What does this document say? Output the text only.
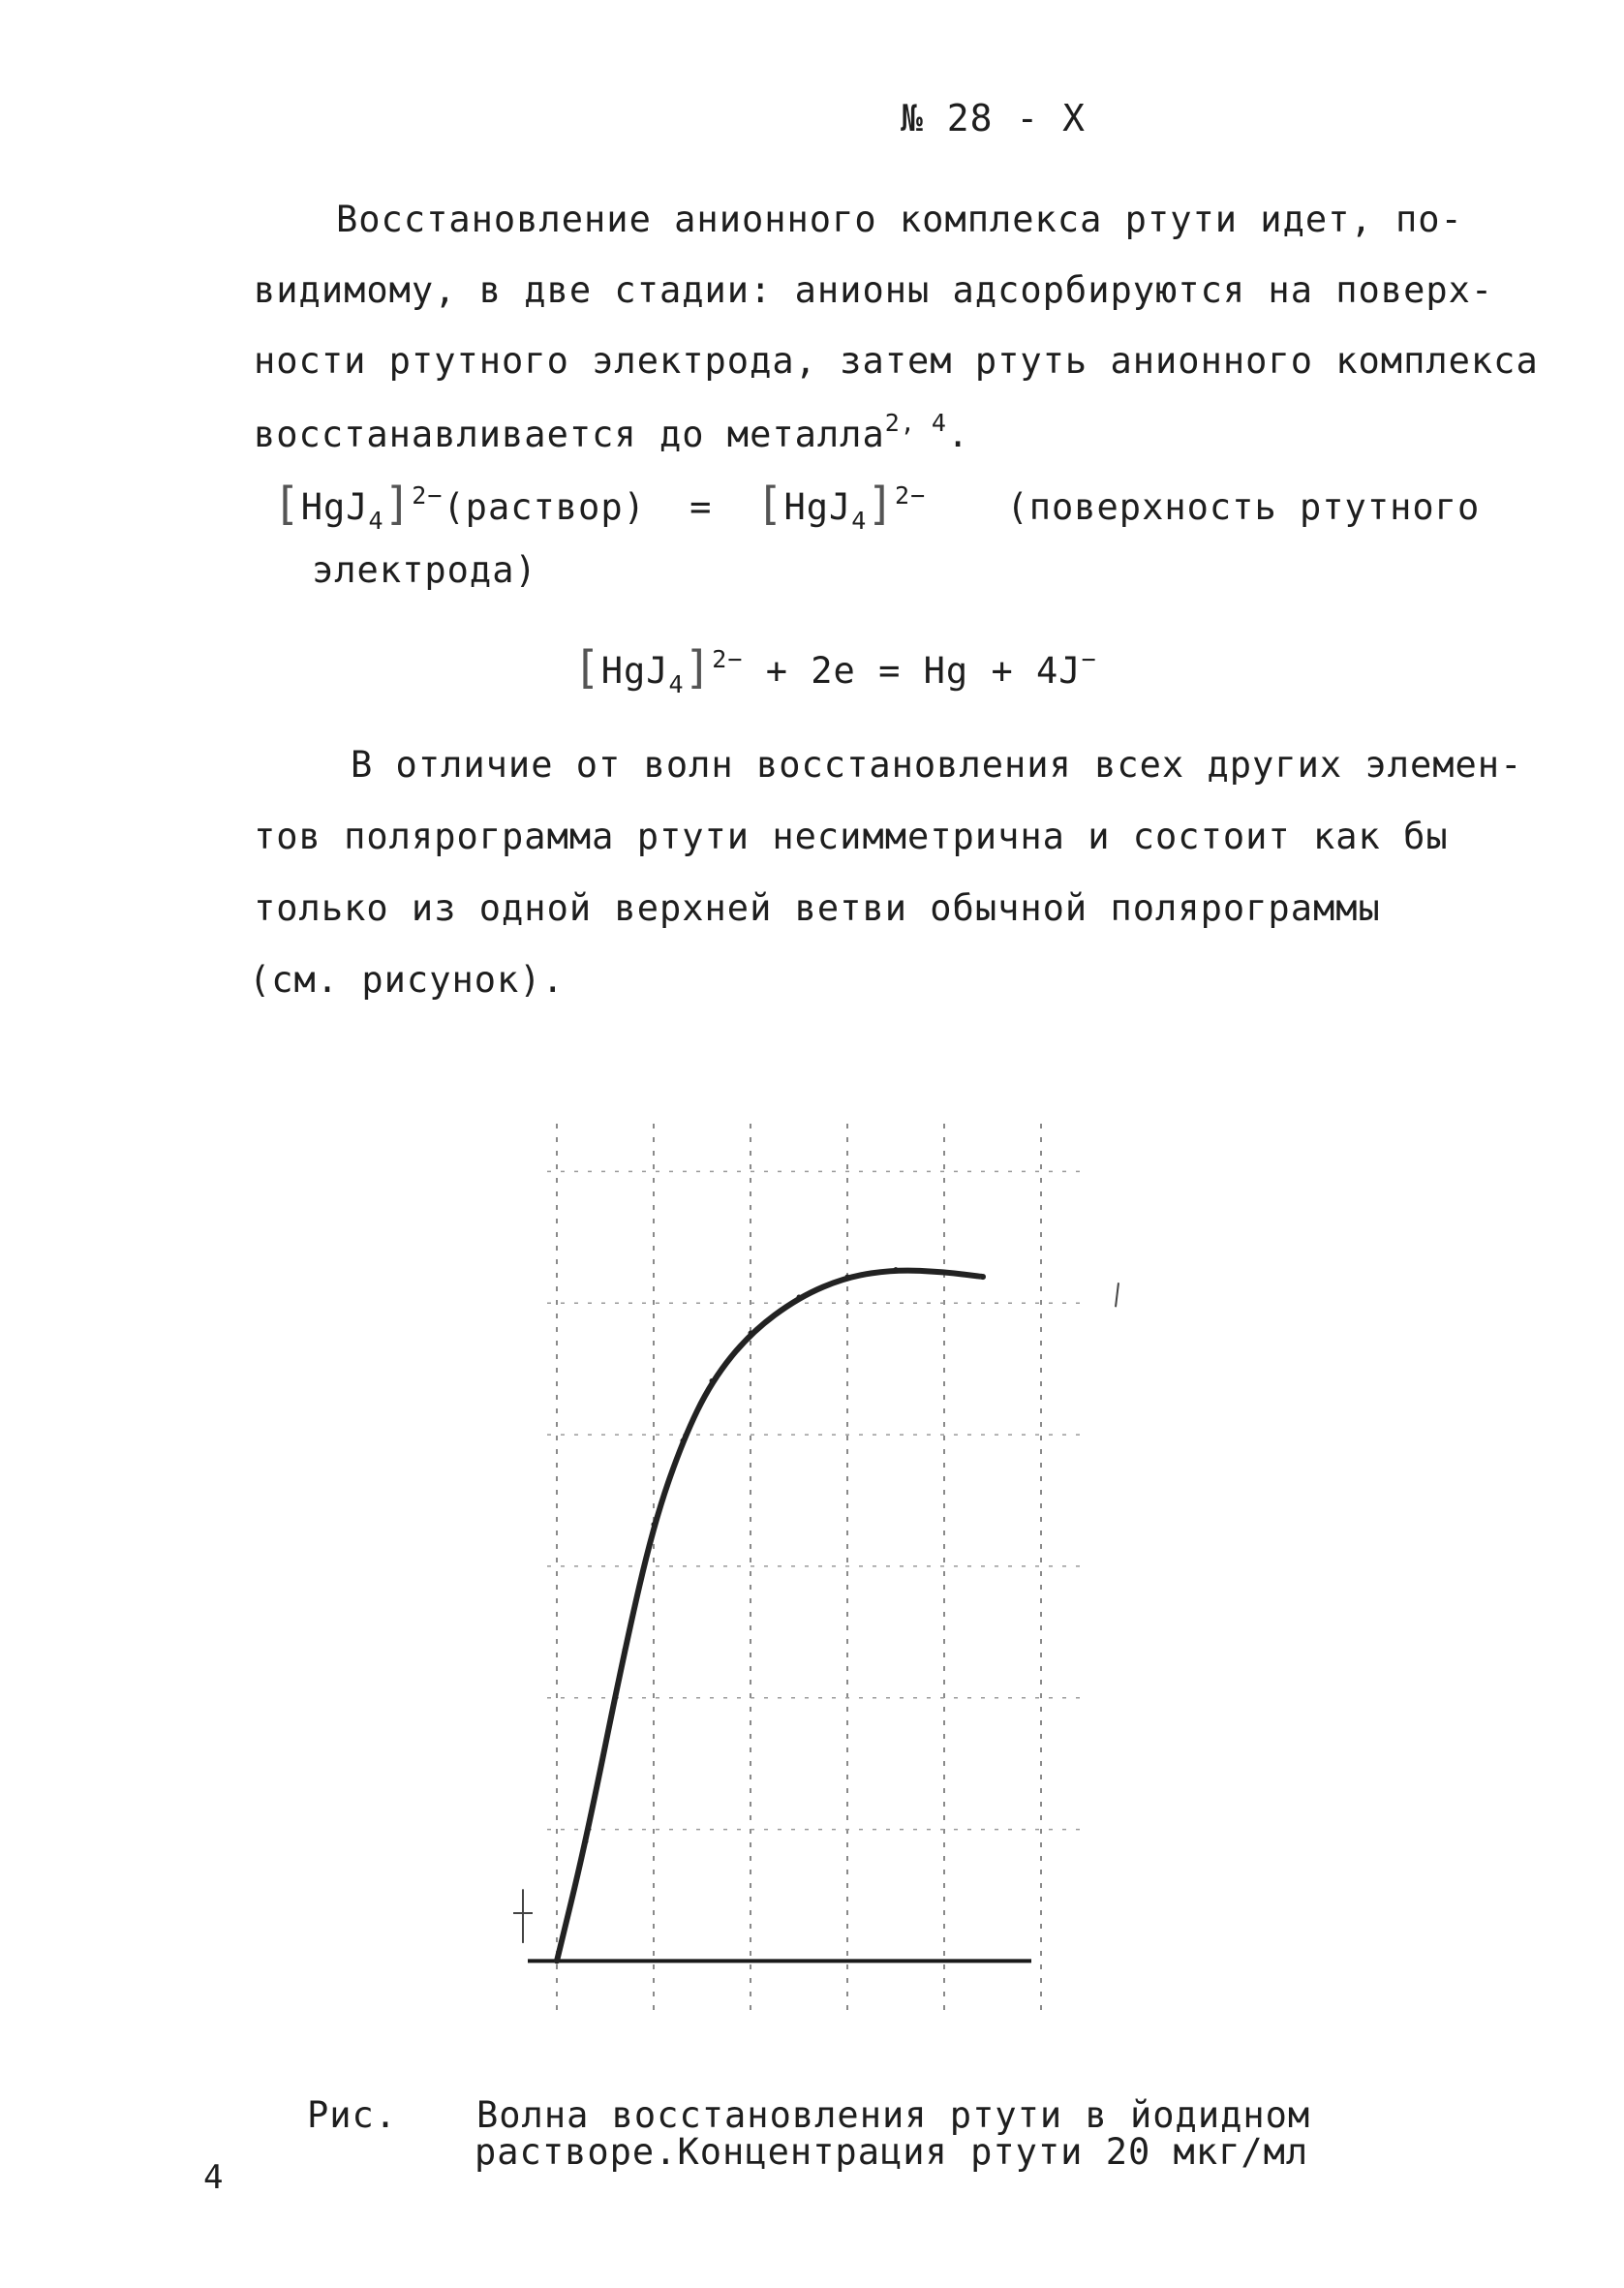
№ 28 - Х
Восстановление анионного комплекса ртути идет, по-
видимому, в две стадии: анионы адсорбируются на поверх-
ности ртутного электрода, затем ртуть анионного комплекса
восстанавливается до металла$^{2, 4}$.
$[HgJ_4]^{2-}(раствор) = [HgJ_4]^{2-}$ (поверхность ртутного
электрода)
$[HgJ_4]^{2-} + 2e = Hg + 4J^-$
В отличие от волн восстановления всех других элемен-
тов полярограмма ртути несимметрична и состоит как бы
только из одной верхней ветви обычной полярограммы
(см. рисунок).
Рис. Волна восстановления ртути в йодидном
растворе.Концентрация ртути 20 мкг/мл
4
